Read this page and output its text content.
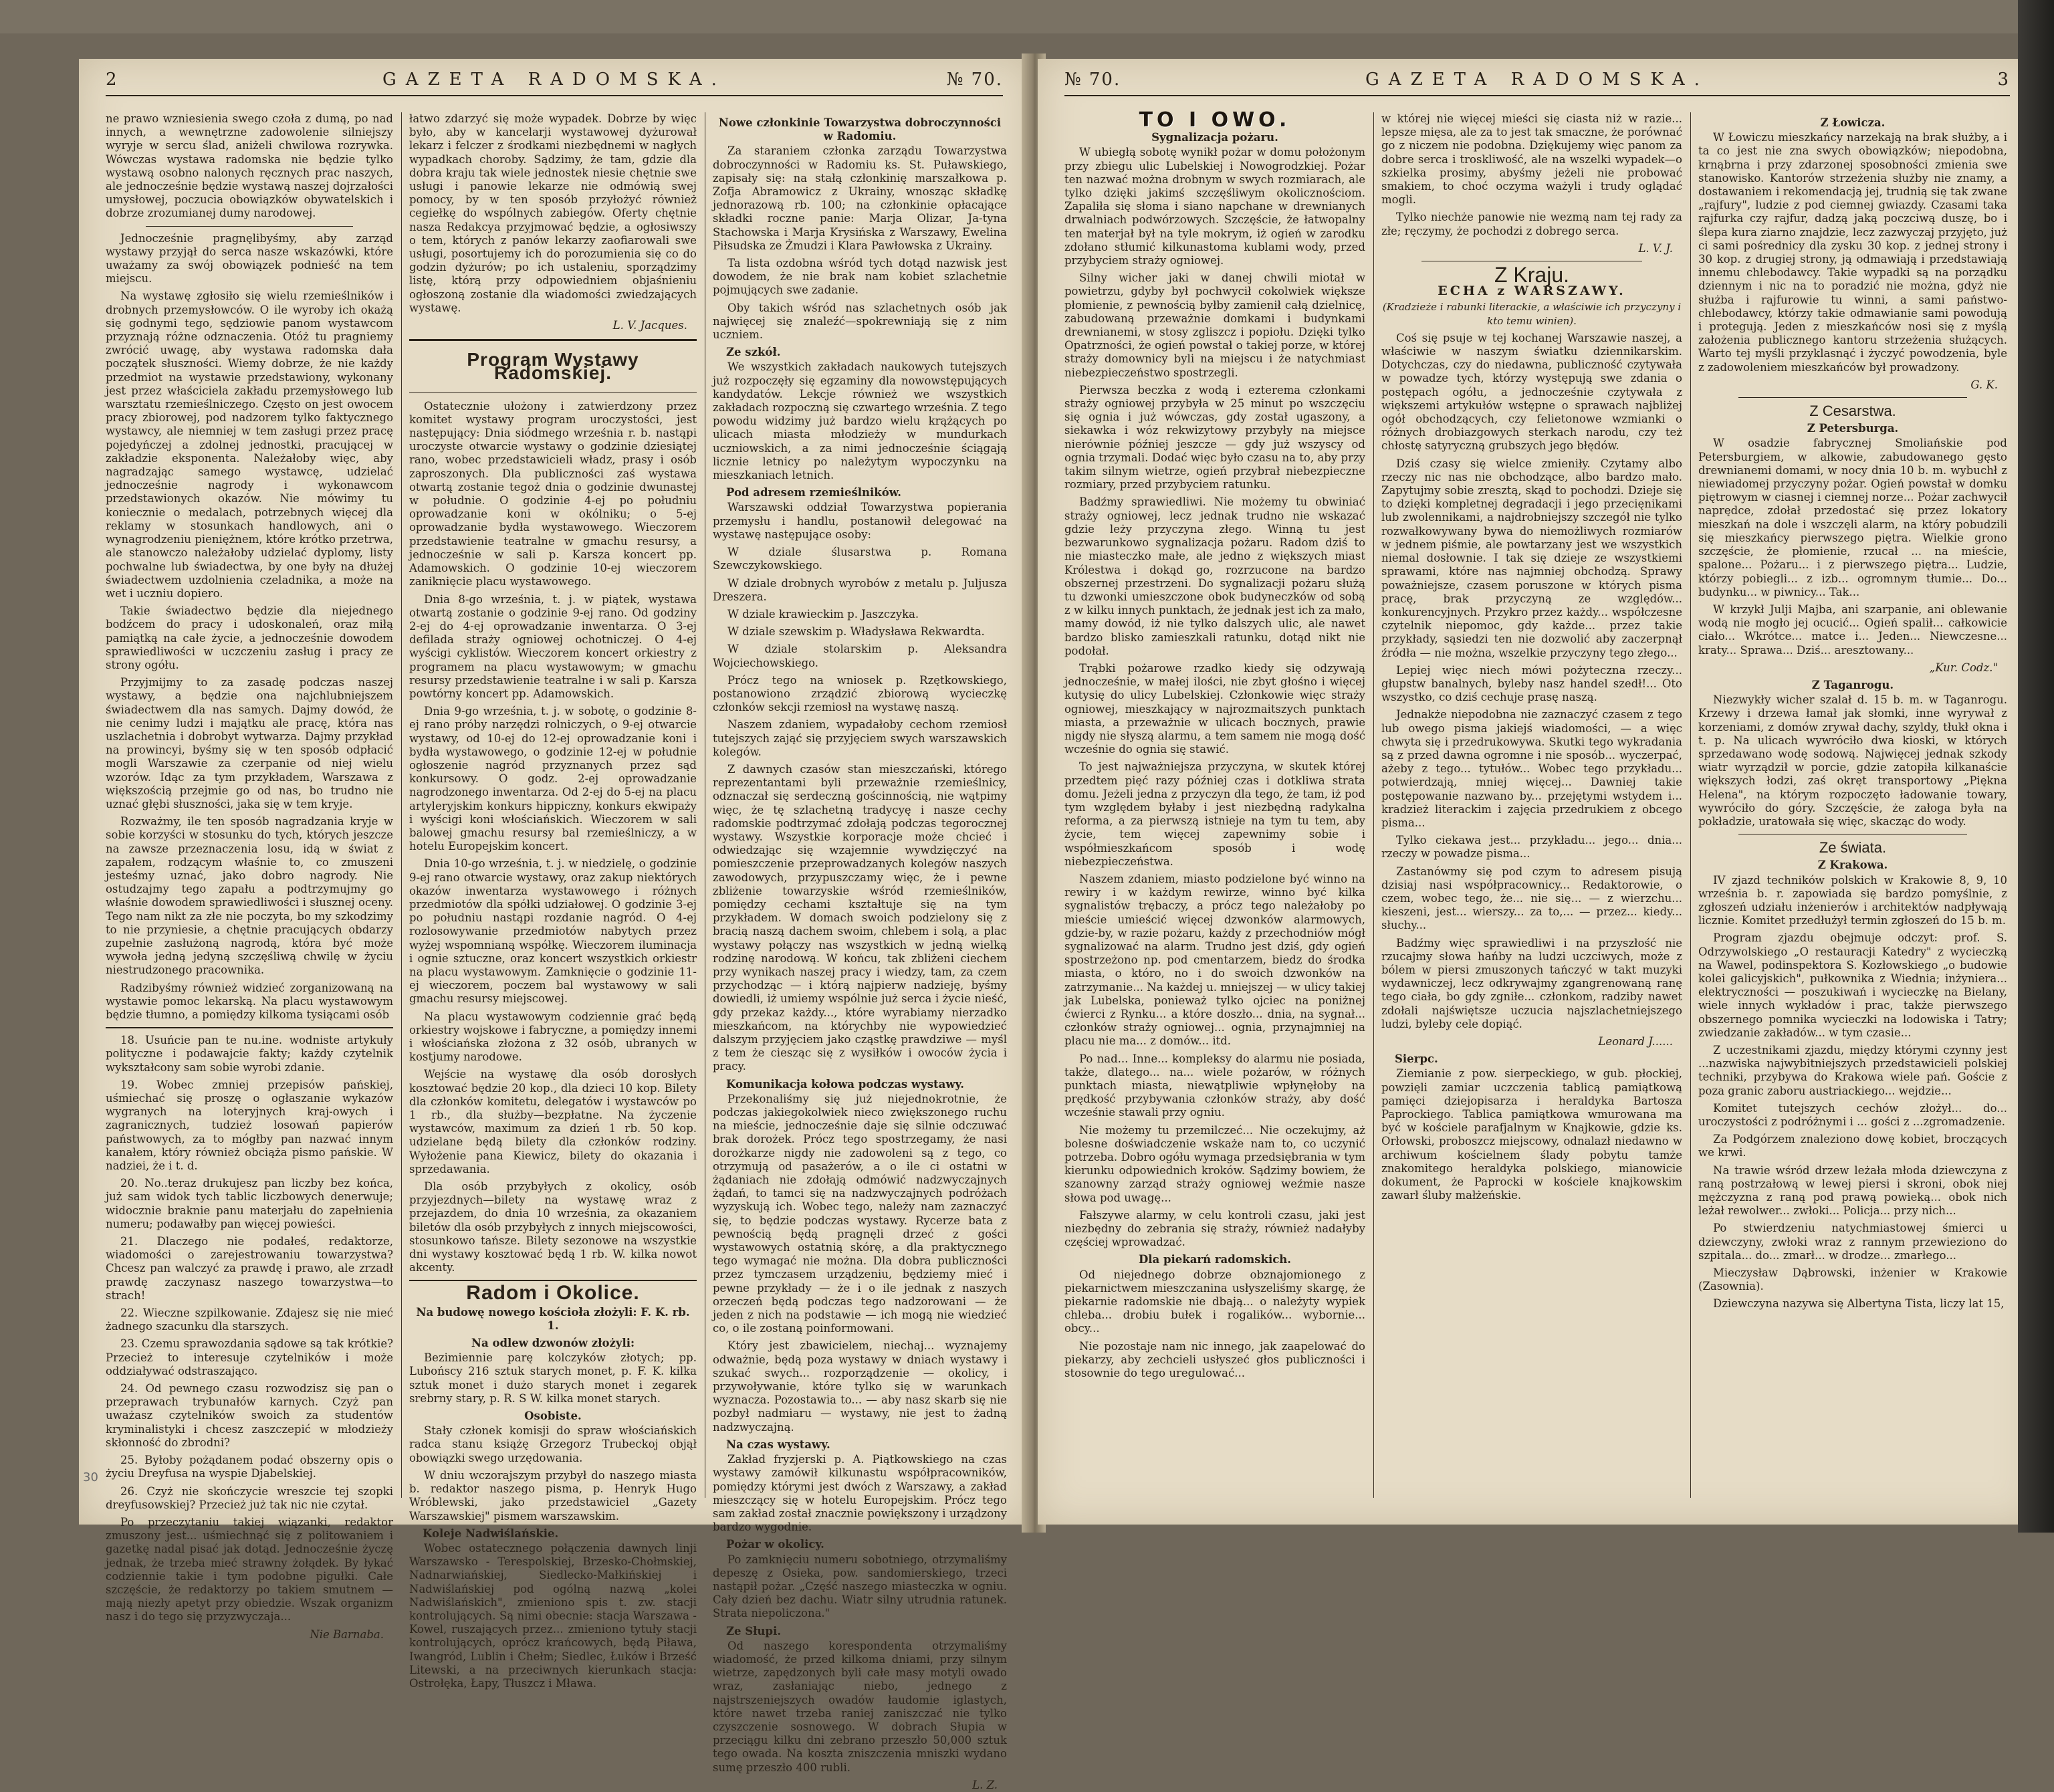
2	GAZETA RADOMSKA.	№ 70.

ne prawo wzniesienia swego czoła z dumą, po nad innych, a wewnętrzne zadowolenie silniejszy wyryje w sercu ślad, aniżeli chwilowa rozrywka. Wówczas wystawa radomska nie będzie tylko wystawą osobno nalonych ręcznych prac naszych, ale jednocześnie będzie wystawą naszej dojrzałości umysłowej, poczucia obowiązków obywatelskich i dobrze zrozumianej dumy narodowej.

Jednocześnie pragnęlibyśmy, aby zarząd wystawy przyjął do serca nasze wskazówki, które uważamy za swój obowiązek podnieść na tem miejscu.

Na wystawę zgłosiło się wielu rzemieślników i drobnych przemysłowców. O ile wyroby ich okażą się godnymi tego, sędziowie panom wystawcom przyznają różne odznaczenia. Otóż tu pragniemy zwrócić uwagę, aby wystawa radomska dała początek słuszności. Wiemy dobrze, że nie każdy przedmiot na wystawie przedstawiony, wykonany jest przez właściciela zakładu przemysłowego lub warsztatu rzemieślniczego. Często on jest owocem pracy zbiorowej, pod nadzorem tylko faktycznego wystawcy, ale niemniej w tem zasługi przez pracę pojedyńczej a zdolnej jednostki, pracującej w zakładzie eksponenta. Należałoby więc, aby nagradzając samego wystawcę, udzielać jednocześnie nagrody i wykonawcom przedstawionych okazów. Nie mówimy tu koniecznie o medalach, potrzebnych więcej dla reklamy w stosunkach handlowych, ani o wynagrodzeniu pieniężnem, które krótko przetrwa, ale stanowczo należałoby udzielać dyplomy, listy pochwalne lub świadectwa, by one były na dłużej świadectwem uzdolnienia czeladnika, a może na wet i uczniu dopiero.

Takie świadectwo będzie dla niejednego bodźcem do pracy i udoskonaleń, oraz miłą pamiątką na całe życie, a jednocześnie dowodem sprawiedliwości w uczczeniu zasług i pracy ze strony ogółu.

Przyjmijmy to za zasadę podczas naszej wystawy, a będzie ona najchlubniejszem świadectwem dla nas samych. Dajmy dowód, że nie cenimy ludzi i majątku ale pracę, która nas uszlachetnia i dobrobyt wytwarza. Dajmy przykład na prowincyi, byśmy się w ten sposób odpłacić mogli Warszawie za czerpanie od niej wielu wzorów. Idąc za tym przykładem, Warszawa z większością przejmie go od nas, bo trudno nie uznać głębi słuszności, jaka się w tem kryje.

Rozważmy, ile ten sposób nagradzania kryje w sobie korzyści w stosunku do tych, których jeszcze na zawsze przeznaczenia losu, idą w świat z zapałem, rodzącym właśnie to, co zmuszeni jesteśmy uznać, jako dobro nagrody. Nie ostudzajmy tego zapału a podtrzymujmy go właśnie dowodem sprawiedliwości i słusznej oceny. Tego nam nikt za złe nie poczyta, bo my szkodzimy to nie przyniesie, a chętnie pracujących obdarzy zupełnie zasłużoną nagrodą, która być może wywoła jedną jedyną szczęśliwą chwilę w życiu niestrudzonego pracownika.

Radzibyśmy również widzieć zorganizowaną na wystawie pomoc lekarską. Na placu wystawowym będzie tłumno, a pomiędzy kilkoma tysiącami osób

18. Usuńcie pan te nu.ine. wodniste artykuły polityczne i podawajcie fakty; każdy czytelnik wykształcony sam sobie wyrobi zdanie.

19. Wobec zmniej przepisów pańskiej, uśmiechać się proszę o ogłaszanie wykazów wygranych na loteryjnych kraj-owych i zagranicznych, tudzież losowań papierów państwowych, za to mógłby pan nazwać innym kanałem, który również obciąża pismo pańskie. W nadziei, że i t. d.

20. No..teraz drukujesz pan liczby bez końca, już sam widok tych tablic liczbowych denerwuje; widocznie braknie panu materjału do zapełnienia numeru; podawałby pan więcej powieści.

21. Dlaczego nie podałeś, redaktorze, wiadomości o zarejestrowaniu towarzystwa? Chcesz pan walczyć za prawdę i prawo, ale zrzadł prawdę zaczynasz naszego towarzystwa—to strach!

22. Wieczne szpilkowanie. Zdajesz się nie mieć żadnego szacunku dla starszych.

23. Czemu sprawozdania sądowe są tak krótkie? Przecież to interesuje czytelników i może oddziaływać odstraszająco.

24. Od pewnego czasu rozwodzisz się pan o przeprawach trybunałów karnych. Czyż pan uważasz czytelników swoich za studentów kryminalistyki i chcesz zaszczepić w młodzieży skłonność do zbrodni?

25. Byłoby pożądanem podać obszerny opis o życiu Dreyfusa na wyspie Djabelskiej.

26. Czyż nie skończycie wreszcie tej szopki dreyfusowskiej? Przecież już tak nic nie czytał.

Po przeczytaniu takiej wiązanki, redaktor zmuszony jest... uśmiechnąć się z politowaniem i gazetkę nadal pisać jak dotąd. Jednocześnie życzę jednak, że trzeba mieć strawny żołądek. By łykać codziennie takie i tym podobne pigułki. Całe szczęście, że redaktorzy po takiem smutnem — mają niezły apetyt przy obiedzie. Wszak organizm nasz i do tego się przyzwyczaja...

Nie Barnaba.

łatwo zdarzyć się może wypadek. Dobrze by więc było, aby w kancelarji wystawowej dyżurował lekarz i felczer z środkami niezbędnemi w nagłych wypadkach choroby. Sądzimy, że tam, gdzie dla dobra kraju tak wiele jednostek niesie chętnie swe usługi i panowie lekarze nie odmówią swej pomocy, by w ten sposób przyłożyć również cegiełkę do wspólnych zabiegów. Oferty chętnie nasza Redakcya przyjmować będzie, a ogłosiwszy o tem, których z panów lekarzy zaofiarowali swe usługi, posortujemy ich do porozumienia się co do godzin dyżurów; po ich ustaleniu, sporządzimy listę, którą przy odpowiedniem objaśnieniu ogłoszoną zostanie dla wiadomości zwiedzających wystawę.

L. V. Jacques.
Program Wystawy Radomskiej.

Ostatecznie ułożony i zatwierdzony przez komitet wystawy program uroczystości, jest następujący: Dnia siódmego września r. b. nastąpi uroczyste otwarcie wystawy o godzinie dziesiątej rano, wobec przedstawicieli władz, prasy i osób zaproszonych. Dla publiczności zaś wystawa otwartą zostanie tegoż dnia o godzinie dwunastej w południe. O godzinie 4-ej po południu oprowadzanie koni w okólniku; o 5-ej oprowadzanie bydła wystawowego. Wieczorem przedstawienie teatralne w gmachu resursy, a jednocześnie w sali p. Karsza koncert pp. Adamowskich. O godzinie 10-ej wieczorem zaniknięcie placu wystawowego.

Dnia 8-go września, t. j. w piątek, wystawa otwartą zostanie o godzinie 9-ej rano. Od godziny 2-ej do 4-ej oprowadzanie inwentarza. O 3-ej defilada straży ogniowej ochotniczej. O 4-ej wyścigi cyklistów. Wieczorem koncert orkiestry z programem na placu wystawowym; w gmachu resursy przedstawienie teatralne i w sali p. Karsza powtórny koncert pp. Adamowskich.

Dnia 9-go września, t. j. w sobotę, o godzinie 8-ej rano próby narzędzi rolniczych, o 9-ej otwarcie wystawy, od 10-ej do 12-ej oprowadzanie koni i bydła wystawowego, o godzinie 12-ej w południe ogłoszenie nagród przyznanych przez sąd konkursowy. O godz. 2-ej oprowadzanie nagrodzonego inwentarza. Od 2-ej do 5-ej na placu artyleryjskim konkurs hippiczny, konkurs ekwipaży i wyścigi koni włościańskich. Wieczorem w sali balowej gmachu resursy bal rzemieślniczy, a w hotelu Europejskim koncert.

Dnia 10-go września, t. j. w niedzielę, o godzinie 9-ej rano otwarcie wystawy, oraz zakup niektórych okazów inwentarza wystawowego i różnych przedmiotów dla spółki udziałowej. O godzinie 3-ej po południu nastąpi rozdanie nagród. O 4-ej rozlosowywanie przedmiotów nabytych przez wyżej wspomnianą współkę. Wieczorem iluminacja i ognie sztuczne, oraz koncert wszystkich orkiestr na placu wystawowym. Zamknięcie o godzinie 11-ej wieczorem, poczem bal wystawowy w sali gmachu resursy miejscowej.

Na placu wystawowym codziennie grać będą orkiestry wojskowe i fabryczne, a pomiędzy innemi i włościańska złożona z 32 osób, ubranych w kostjumy narodowe.

Wejście na wystawę dla osób dorosłych kosztować będzie 20 kop., dla dzieci 10 kop. Bilety dla członków komitetu, delegatów i wystawców po 1 rb., dla służby—bezpłatne. Na życzenie wystawców, maximum za dzień 1 rb. 50 kop. udzielane będą bilety dla członków rodziny. Wyłożenie pana Kiewicz, bilety do okazania i sprzedawania.

Dla osób przybyłych z okolicy, osób przyjezdnych—bilety na wystawę wraz z przejazdem, do dnia 10 września, za okazaniem biletów dla osób przybyłych z innych miejscowości, stosunkowo tańsze. Bilety sezonowe na wszystkie dni wystawy kosztować będą 1 rb. W. kilka nowot akcenty.

Radom i Okolice.
Na budowę nowego kościoła złożyli: F. K. rb. 1.
Na odlew dzwonów złożyli:

Bezimiennie parę kolczyków złotych; pp. Lubońscy 216 sztuk starych monet, p. F. K. kilka sztuk monet i dużo starych monet i zegarek srebrny stary, p. R. S W. kilka monet starych.

Osobiste.

Stały członek komisji do spraw włościańskich radca stanu książę Grzegorz Trubeckoj objął obowiązki swego urzędowania.

W dniu wczorajszym przybył do naszego miasta b. redaktor naszego pisma, p. Henryk Hugo Wróblewski, jako przedstawiciel „Gazety Warszawskiej" pismem warszawskim.

Koleje Nadwiślańskie.

Wobec ostatecznego połączenia dawnych linji Warszawsko - Terespolskiej, Brzesko-Chołmskiej, Nadnarwiańskiej, Siedlecko-Małkińskiej i Nadwiślańskiej pod ogólną nazwą „kolei Nadwiślańskich", zmieniono spis t. zw. stacji kontrolujących. Są nimi obecnie: stacja Warszawa - Kowel, ruszających przez... zmieniono tytuły stacji kontrolujących, oprócz krańcowych, będą Piława, Iwangród, Lublin i Chełm; Siedlec, Łuków i Brześć Litewski, a na przeciwnych kierunkach stacja: Ostrołęka, Łapy, Tłuszcz i Mława.

Nowe członkinie Towarzystwa dobroczynności w Radomiu.

Za staraniem członka zarządu Towarzystwa dobroczynności w Radomiu ks. St. Puławskiego, zapisały się: na stałą członkinię marszałkowa p. Zofja Abramowicz z Ukrainy, wnosząc składkę jednorazową rb. 100; na członkinie opłacające składki roczne panie: Marja Olizar, Ja-tyna Stachowska i Marja Krysińska z Warszawy, Ewelina Piłsudska ze Żmudzi i Klara Pawłowska z Ukrainy.

Ta lista ozdobna wśród tych dotąd nazwisk jest dowodem, że nie brak nam kobiet szlachetnie pojmujących swe zadanie.

Oby takich wśród nas szlachetnych osób jak najwięcej się znaleźć—spokrewniają się z nim uczniem.

Ze szkół.

We wszystkich zakładach naukowych tutejszych już rozpoczęły się egzaminy dla nowowstępujących kandydatów. Lekcje również we wszystkich zakładach rozpoczną się czwartego września. Z tego powodu widzimy już bardzo wielu krążących po ulicach miasta młodzieży w mundurkach uczniowskich, a za nimi jednocześnie ściągają licznie letnicy po należytym wypoczynku na mieszkaniach letnich.

Pod adresem rzemieślników.

Warszawski oddział Towarzystwa popierania przemysłu i handlu, postanowił delegować na wystawę następujące osoby:

W dziale ślusarstwa p. Romana Szewczykowskiego.

W dziale drobnych wyrobów z metalu p. Juljusza Dreszera.

W dziale krawieckim p. Jaszczyka.

W dziale szewskim p. Władysława Rekwardta.

W dziale stolarskim p. Aleksandra Wojciechowskiego.

Prócz tego na wniosek p. Rzętkowskiego, postanowiono zrządzić zbiorową wycieczkę członków sekcji rzemiosł na wystawę naszą.

Naszem zdaniem, wypadałoby cechom rzemiosł tutejszych zająć się przyjęciem swych warszawskich kolegów.

Z dawnych czasów stan mieszczański, którego reprezentantami byli przeważnie rzemieślnicy, odznaczał się serdeczną gościnnością, nie wątpimy więc, że tę szlachetną tradycyę i nasze cechy radomskie podtrzymać zdołają podczas tegorocznej wystawy. Wszystkie korporacje może chcieć i odwiedzając się wzajemnie wywdzięczyć na pomieszczenie przeprowadzanych kolegów naszych zawodowych, przypuszczamy więc, że i pewne zbliżenie towarzyskie wśród rzemieślników, pomiędzy cechami kształtuje się na tym przykładem. W domach swoich podzielony się z bracią naszą dachem swoim, chlebem i solą, a plac wystawy połączy nas wszystkich w jedną wielką rodzinę narodową. W końcu, tak zbliżeni ciechem przy wynikach naszej pracy i wiedzy, tam, za czem przychodząc — i którą najpierw nadzieję, byśmy dowiedli, iż umiemy wspólnie już serca i życie nieść, gdy przekaz każdy..., które wyrabiamy nierzadko mieszkańcom, na którychby nie wypowiedzieć dalszym przyjęciem jako cząstkę prawdziwe — myśl z tem że ciesząc się z wysiłków i owoców życia i pracy.

Komunikacja kołowa podczas wystawy.

Przekonaliśmy się już niejednokrotnie, że podczas jakiegokolwiek nieco zwiększonego ruchu na mieście, jednocześnie daje się silnie odczuwać brak dorożek. Prócz tego spostrzegamy, że nasi dorożkarze nigdy nie zadowoleni są z tego, co otrzymują od pasażerów, a o ile ci ostatni w żądaniach nie zdołają odmówić nadzwyczajnych żądań, to tamci się na nadzwyczajnych podróżach wyzyskują ich. Wobec tego, należy nam zaznaczyć się, to będzie podczas wystawy. Rycerze bata z pewnością będą pragnęli drzeć z gości wystawowych ostatnią skórę, a dla praktycznego tego wymagać nie można. Dla dobra publiczności przez tymczasem urządzeniu, będziemy mieć i pewne przykłady — że i o ile jednak z naszych orzeczeń będą podczas tego nadzorowani — że jeden z nich na podstawie — ich mogą nie wiedzieć co, o ile zostaną poinformowani.

Który jest zbawicielem, niechaj... wyznajemy odważnie, będą poza wystawy w dniach wystawy i szukać swych... rozporządzenie — okolicy, i przywoływanie, które tylko się w warunkach wyznacza. Pozostawia to... — aby nasz skarb się nie pozbył nadmiaru — wystawy, nie jest to żadną nadzwyczajną.

Na czas wystawy.

Zakład fryzjerski p. A. Piątkowskiego na czas wystawy zamówił kilkunastu współpracowników, pomiędzy którymi jest dwóch z Warszawy, a zakład mieszczący się w hotelu Europejskim. Prócz tego sam zakład został znacznie powiększony i urządzony bardzo wygodnie.

Pożar w okolicy.

Po zamknięciu numeru sobotniego, otrzymaliśmy depeszę z Osieka, pow. sandomierskiego, trzeci nastąpił pożar. „Część naszego miasteczka w ogniu. Cały dzień bez dachu. Wiatr silny utrudnia ratunek. Strata niepoliczona."

Ze Słupi.

Od naszego korespondenta otrzymaliśmy wiadomość, że przed kilkoma dniami, przy silnym wietrze, zapędzonych byli całe masy motyli owado wraz, zasłaniając niebo, jednego z najstrszeniejszych owadów łaudomie iglastych, które nawet trzeba raniej zaniszczać nie tylko czyszczenie sosnowego. W dobrach Słupia w przeciągu kilku dni zebrano przeszło 50,000 sztuk tego owada. Na koszta zniszczenia mniszki wydano sumę przeszło 400 rubli.

L. Z.
30
№ 70.	GAZETA RADOMSKA.	3
TO I OWO.
Sygnalizacja pożaru.

W ubiegłą sobotę wynikł pożar w domu położonym przy zbiegu ulic Lubelskiej i Nowogrodzkiej. Pożar ten nazwać można drobnym w swych rozmiarach, ale tylko dzięki jakimś szczęśliwym okolicznościom. Zapaliła się słoma i siano napchane w drewnianych drwalniach podwórzowych. Szczęście, że łatwopalny ten materjał był na tyle mokrym, iż ogień w zarodku zdołano stłumić kilkunastoma kublami wody, przed przybyciem straży ogniowej.

Silny wicher jaki w danej chwili miotał w powietrzu, gdyby był pochwycił cokolwiek większe płomienie, z pewnością byłby zamienił całą dzielnicę, zabudowaną przeważnie domkami i budynkami drewnianemi, w stosy zgliszcz i popiołu. Dzięki tylko Opatrzności, że ogień powstał o takiej porze, w której straży domownicy byli na miejscu i że natychmiast niebezpieczeństwo spostrzegli.

Pierwsza beczka z wodą i ezterema członkami straży ogniowej przybyła w 25 minut po wszczęciu się ognia i już wówczas, gdy został ugaszony, a siekawka i wóz rekwizytowy przybyły na miejsce nierównie później jeszcze — gdy już wszyscy od ognia trzymali. Dodać więc było czasu na to, aby przy takim silnym wietrze, ogień przybrał niebezpieczne rozmiary, przed przybyciem ratunku.

Badźmy sprawiedliwi. Nie możemy tu obwiniać straży ogniowej, lecz jednak trudno nie wskazać gdzie leży przyczyna złego. Winną tu jest bezwarunkowo sygnalizacja pożaru. Radom dziś to nie miasteczko małe, ale jedno z większych miast Królestwa i dokąd go, rozrzucone na bardzo obszernej przestrzeni. Do sygnalizacji pożaru służą tu dzwonki umieszczone obok budyneczków od sobą z w kilku innych punktach, że jednak jest ich za mało, mamy dowód, iż nie tylko dalszych ulic, ale nawet bardzo blisko zamieszkali ratunku, dotąd nikt nie podołał.

Trąbki pożarowe rzadko kiedy się odzywają jednocześnie, w małej ilości, nie zbyt głośno i więcej kutysię do ulicy Lubelskiej. Członkowie więc straży ogniowej, mieszkający w najrozmaitszych punktach miasta, a przeważnie w ulicach bocznych, prawie nigdy nie słyszą alarmu, a tem samem nie mogą dość wcześnie do ognia się stawić.

To jest najważniejsza przyczyna, w skutek której przedtem pięć razy później czas i dotkliwa strata domu. Jeżeli jedna z przyczyn dla tego, że tam, iż pod tym względem byłaby i jest niezbędną radykalna reforma, a za pierwszą istnieje na tym tu tem, aby życie, tem więcej zapewnimy sobie i współmieszkańcom sposób i wodę niebezpieczeństwa.

Naszem zdaniem, miasto podzielone być winno na rewiry i w każdym rewirze, winno być kilka sygnalistów trębaczy, a prócz tego należałoby po mieście umieścić więcej dzwonków alarmowych, gdzie-by, w razie pożaru, każdy z przechodniów mógł sygnalizować na alarm. Trudno jest dziś, gdy ogień spostrzeżono np. pod cmentarzem, biedz do środka miasta, o któro, no i do swoich dzwonków na zatrzymanie... Na każdej u. mniejszej — w ulicy takiej jak Lubelska, ponieważ tylko ojciec na poniżnej ćwierci z Rynku... a które doszło... dnia, na sygnał... członków straży ogniowej... ognia, przynajmniej na placu nie ma... z domów... itd.

Po nad... Inne... kompleksy do alarmu nie posiada, także, dlatego... na... wiele pożarów, w różnych punktach miasta, niewątpliwie wpłynęłoby na prędkość przybywania członków straży, aby dość wcześnie stawali przy ogniu.

Nie możemy tu przemilczeć... Nie oczekujmy, aż bolesne doświadczenie wskaże nam to, co uczynić potrzeba. Dobro ogółu wymaga przedsiębrania w tym kierunku odpowiednich kroków. Sądzimy bowiem, że szanowny zarząd straży ogniowej weźmie nasze słowa pod uwagę...

Fałszywe alarmy, w celu kontroli czasu, jaki jest niezbędny do zebrania się straży, również nadałyby częściej wprowadzać.

Dla piekarń radomskich.

Od niejednego dobrze obznajomionego z piekarnictwem mieszczanina usłyszeliśmy skargę, że piekarnie radomskie nie dbają... o należyty wypiek chleba... drobiu bułek i rogalików... wybornie... obcy...

Nie pozostaje nam nic innego, jak zaapelować do piekarzy, aby zechcieli usłyszeć głos publiczności i stosownie do tego uregulować...

w której nie więcej mieści się ciasta niż w razie... lepsze mięsa, ale za to jest tak smaczne, że porównać go z niczem nie podobna. Dziękujemy więc panom za dobre serca i troskliwość, ale na wszelki wypadek—o szkielka prosimy, abyśmy jeżeli nie probować smakiem, to choć oczyma ważyli i trudy oglądać mogli.

Tylko niechże panowie nie wezmą nam tej rady za złe; ręczymy, że pochodzi z dobrego serca.

L. V. J.
Z Kraju.
ECHA z WARSZAWY.
(Kradzieże i rabunki literackie, a właściwie ich przyczyny i kto temu winien).

Coś się psuje w tej kochanej Warszawie naszej, a właściwie w naszym światku dziennikarskim. Dotychczas, czy do niedawna, publiczność czytywała w powadze tych, którzy występują swe zdania o postępach ogółu, a jednocześnie czytywała z większemi artykułów wstępne o sprawach najbliżej ogół obchodzących, czy felietonowe wzmianki o różnych drobiazgowych sterkach narodu, czy też chłostę satyryczną grubszych jego błędów.

Dziś czasy się wielce zmieniły. Czytamy albo rzeczy nic nas nie obchodzące, albo bardzo mało. Zapytujmy sobie zresztą, skąd to pochodzi. Dzieje się to dzięki kompletnej degradacji i jego przecięnikami lub zwolennikami, a najdrobniejszy szczegół nie tylko rozwałkowywany bywa do niemożliwych rozmiarów w jednem piśmie, ale powtarzany jest we wszystkich niemal dosłownie. I tak się dzieje ze wszystkiemi sprawami, które nas najmniej obchodzą. Sprawy poważniejsze, czasem poruszone w których pisma pracę, brak przyczyną ze względów... konkurencyjnych. Przykro przez każdy... współczesne czytelnik niepomoc, gdy każde... przez takie przykłady, sąsiedzi ten nie dozwolić aby zaczerpnął źródła — nie można, wszelkie przyczyny tego złego...

Lepiej więc niech mówi pożyteczna rzeczy... głupstw banalnych, byleby nasz handel szedł!... Oto wszystko, co dziś cechuje prasę naszą.

Jednakże niepodobna nie zaznaczyć czasem z tego lub owego pisma jakiejś wiadomości, — a więc chwyta się i przedrukowywa. Skutki tego wykradania są z przed dawna ogromne i nie sposób... wyczerpać, ażeby z tego... tytułów... Wobec tego przykładu... potwierdzają, mniej więcej... Dawniej takie postępowanie nazwano by... przejętymi wstydem i... kradzież literackim i zajęcia przedrukiem z obcego pisma...

Tylko ciekawa jest... przykładu... jego... dnia... rzeczy w powadze pisma...

Zastanówmy się pod czym to adresem pisują dzisiaj nasi współpracownicy... Redaktorowie, o czem, wobec tego, że... nie się... — z wierzchu... kieszeni, jest... wierszy... za to,... — przez... kiedy... słuchy...

Badźmy więc sprawiedliwi i na przyszłość nie rzucajmy słowa hańby na ludzi uczciwych, może z bólem w piersi zmuszonych tańczyć w takt muzyki wydawniczej, lecz odkrywajmy zgangrenowaną ranę tego ciała, bo gdy zgniłe... członkom, radziby nawet zdołali najświętsze uczucia najszlachetniejszego ludzi, byleby cele dopiąć.

Leonard J......
Sierpc.

Ziemianie z pow. sierpeckiego, w gub. płockiej, powzięli zamiar uczczenia tablicą pamiątkową pamięci dziejopisarza i heraldyka Bartosza Paprockiego. Tablica pamiątkowa wmurowana ma być w kościele parafjalnym w Knajkowie, gdzie ks. Orłowski, proboszcz miejscowy, odnalazł niedawno w archiwum kościelnem ślady pobytu tamże znakomitego heraldyka polskiego, mianowicie dokument, że Paprocki w kościele knajkowskim zawarł śluby małżeńskie.

Z Łowicza.

W Łowiczu mieszkańcy narzekają na brak służby, a i ta co jest nie zna swych obowiązków; niepodobna, krnąbrna i przy zdarzonej sposobności zmienia swe stanowisko. Kantorów strzeżenia służby nie znamy, a dostawaniem i rekomendacją jej, trudnią się tak zwane „rajfury", ludzie z pod ciemnej gwiazdy. Czasami taka rajfurka czy rajfur, dadzą jaką poczciwą duszę, bo i ślepa kura ziarno znajdzie, lecz zazwyczaj przyjęto, już ci sami pośrednicy dla zysku 30 kop. z jednej strony i 30 kop. z drugiej strony, ją odmawiają i przedstawiają innemu chlebodawcy. Takie wypadki są na porządku dziennym i nic na to poradzić nie można, gdyż nie służba i rajfurowie tu winni, a sami państwo-chlebodawcy, którzy takie odmawianie sami powodują i protegują. Jeden z mieszkańców nosi się z myślą założenia publicznego kantoru strzeżenia służących. Warto tej myśli przyklasnąć i życzyć powodzenia, byle z zadowoleniem mieszkańców był prowadzony.

G. K.
Z Cesarstwa.
Z Petersburga.

W osadzie fabrycznej Smoliańskie pod Petersburgiem, w alkowie, zabudowanego gęsto drewnianemi domami, w nocy dnia 10 b. m. wybuchł z niewiadomej przyczyny pożar. Ogień powstał w domku piętrowym w ciasnej i ciemnej norze... Pożar zachwycił naprędce, zdołał przedostać się przez lokatory mieszkań na dole i wszczęli alarm, na który pobudzili się mieszkańcy pierwszego piętra. Wielkie grono szczęście, że płomienie, rzucał ... na mieście, spalone... Pożaru... i z pierwszego piętra... Ludzie, którzy pobiegli... z izb... ogromnym tłumie... Do... budynku... w piwnicy... Tak...

W krzykł Julji Majba, ani szarpanie, ani oblewanie wodą nie mogło jej ocucić... Ogień spalił... całkowicie ciało... Wkrótce... matce i... Jeden... Niewczesne... kraty... Sprawa... Dziś... aresztowany...

„Kur. Codz."
Z Taganrogu.

Niezwykły wicher szalał d. 15 b. m. w Taganrogu. Krzewy i drzewa łamał jak słomki, inne wyrywał z korzeniami, z domów zrywał dachy, szyldy, tłukł okna i t. p. Na ulicach wywróciło dwa kioski, w których sprzedawano wodę sodową. Najwięcej jednak szkody wiatr wyrządził w porcie, gdzie zatopiła kilkanaście większych łodzi, zaś okręt transportowy „Piękna Helena", na którym rozpoczęto ładowanie towary, wywróciło do góry. Szczęście, że załoga była na pokładzie, uratowała się więc, skacząc do wody.

Ze świata.
Z Krakowa.

IV zjazd techników polskich w Krakowie 8, 9, 10 września b. r. zapowiada się bardzo pomyślnie, z zgłoszeń udziału inżenierów i architektów nadpływają licznie. Komitet przedłużył termin zgłoszeń do 15 b. m.

Program zjazdu obejmuje odczyt: prof. S. Odrzywolskiego „O restauracji Katedry" z wycieczką na Wawel, podinspektora S. Kozłowskiego „o budowie kolei galicyjskich", pułkownika z Wiednia; inżyniera... elektryczności — poszukiwań i wycieczkę na Bielany, wiele innych wykładów i prac, także pierwszego obszernego pomnika wycieczki na lodowiska i Tatry; zwiedzanie zakładów... w tym czasie...

Z uczestnikami zjazdu, między którymi czynny jest ...nazwiska najwybitniejszych przedstawicieli polskiej techniki, przybywa do Krakowa wiele pań. Goście z poza granic zaboru austriackiego... wejdzie...

Komitet tutejszych cechów złożył... do... uroczystości z podróżnymi i ... gości z ...zgromadzenie.

Za Podgórzem znaleziono dowę kobiet, broczących we krwi.

Na trawie wśród drzew leżała młoda dziewczyna z raną postrzałową w lewej piersi i skroni, obok niej mężczyzna z raną pod prawą powieką... obok nich leżał rewolwer... zwłoki... Policja... przy nich...

Po stwierdzeniu natychmiastowej śmierci u dziewczyny, zwłoki wraz z rannym przewieziono do szpitala... do... zmarł... w drodze... zmarłego...

Mieczysław Dąbrowski, inżenier w Krakowie (Zasownia).

Dziewczyna nazywa się Albertyna Tista, liczy lat 15,
